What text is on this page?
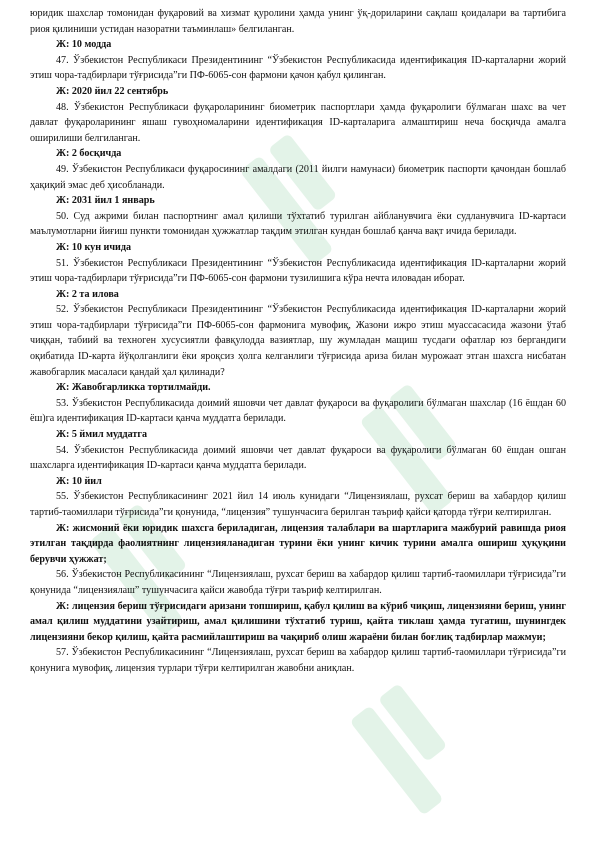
юридик шахслар томонидан фуқаровий ва хизмат қуролини ҳамда унинг ўқ-дориларини сақлаш қоидалари ва тартибига риоя қилиниши устидан назоратни таъминлаш» белгиланган.

Ж: 10 модда

47. Ўзбекистон Республикаси Президентининг “Ўзбекистон Республикасида идентификация ID-карталарни жорий этиш чора-тадбирлари тўғрисида”ги ПФ-6065-сон фармони қачон қабул қилинган.

Ж: 2020 йил 22 сентябрь

48. Ўзбекистон Республикаси фуқароларининг биометрик паспортлари ҳамда фуқаролиги бўлмаган шахс ва чет давлат фуқароларининг яшаш гувоҳномаларини идентификация ID-карталарига алмаштириш неча босқичда амалга оширилиши белгиланган.

Ж: 2 босқичда

49. Ўзбекистон Республикаси фуқаросининг амалдаги (2011 йилги намунаси) биометрик паспорти қачондан бошлаб ҳақиқий эмас деб ҳисобланади.

Ж: 2031 йил 1 январь

50. Суд ажрими билан паспортнинг амал қилиши тўхтатиб турилган айбланувчига ёки судланувчига ID-картаси маълумотларни йиғиш пункти томонидан ҳужжатлар тақдим этилган кундан бошлаб қанча вақт ичида берилади.

Ж: 10 кун ичида

51. Ўзбекистон Республикаси Президентининг “Ўзбекистон Республикасида идентификация ID-карталарни жорий этиш чора-тадбирлари тўғрисида”ги ПФ-6065-сон фармони тузилишига кўра нечта иловадан иборат.

Ж: 2 та илова

52. Ўзбекистон Республикаси Президентининг “Ўзбекистон Республикасида идентификация ID-карталарни жорий этиш чора-тадбирлари тўғрисида”ги ПФ-6065-сон фармонига мувофиқ, Жазони ижро этиш муассасасида жазони ўтаб чиққан, табиий ва техноген хусусиятли фавқулодда вазиятлар, шу жумладан мащиш тусдаги офатлар юз бергандиги оқибатида ID-карта йўқолганлиги ёки яроқсиз ҳолга келганлиги тўғрисида ариза билан мурожаат этган шахсга нисбатан жавобгарлик масаласи қандай ҳал қилинади?

Ж: Жавобгарликка тортилмайди.

53. Ўзбекистон Республикасида доимий яшовчи чет давлат фуқароси ва фуқаролиги бўлмаган шахслар (16 ёшдан 60 ёш)га идентификация ID-картаси қанча муддатга берилади.

Ж: 5 ймил муддатга

54. Ўзбекистон Республикасида доимий яшовчи чет давлат фуқароси ва фуқаролиги бўлмаган 60 ёшдан ошган шахсларга идентификация ID-картаси қанча муддатга берилади.

Ж: 10 йил

55. Ўзбекистон Республикасининг 2021 йил 14 июль кунидаги “Лицензиялаш, рухсат бериш ва хабардор қилиш тартиб-таомиллари тўғрисида”ги қонунида, “лицензия” тушунчасига берилган таъриф қайси қаторда тўғри келтирилган.

Ж: жисмоний ёки юридик шахсга бериладиган, лицензия талаблари ва шартларига мажбурий равишда риоя этилган тақдирда фаолиятнинг лицензияланадиган турини ёки унинг кичик турини амалга ошириш ҳуқуқини берувчи ҳужжат;

56. Ўзбекистон Республикасининг “Лицензиялаш, рухсат бериш ва хабардор қилиш тартиб-таомиллари тўғрисида”ги қонунида “лицензиялаш” тушунчасига қайси жавобда тўғри таъриф келтирилган.

Ж: лицензия бериш тўғрисидаги аризани топшириш, қабул қилиш ва кўриб чиқиш, лицензияни бериш, унинг амал қилиш муддатини узайтириш, амал қилишини тўхтатиб туриш, қайта тиклаш ҳамда тугатиш, шунингдек лицензияни бекор қилиш, қайта расмийлаштириш ва чақириб олиш жараёни билан боғлиқ тадбирлар мажмуи;

57. Ўзбекистон Республикасининг “Лицензиялаш, рухсат бериш ва хабардор қилиш тартиб-таомиллари тўғрисида”ги қонунига мувофиқ, лицензия турлари тўғри келтирилган жавобни аниқлан.
